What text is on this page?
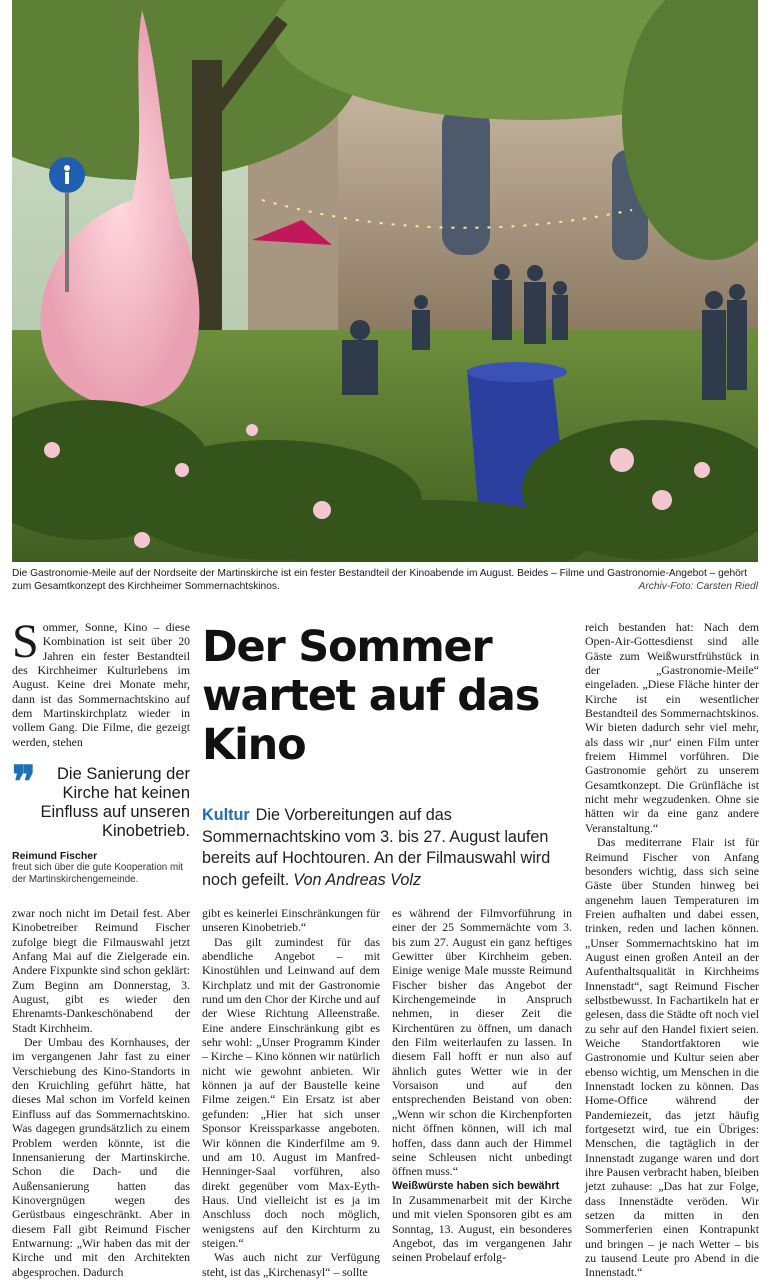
Die Gastronomie-Meile auf der Nordseite der Martinskirche ist ein fester Bestandteil der Kinoabende im August. Beides – Filme und Gastronomie-Angebot – gehört zum Gesamtkonzept des Kirchheimer Sommernachtskinos.	Archiv-Foto: Carsten Riedl

Sommer, Sonne, Kino – diese Kombination ist seit über 20 Jahren ein fester Bestandteil des Kirchheimer Kulturlebens im August. Keine drei Monate mehr, dann ist das Sommernachtskino auf dem Martinskirchplatz wieder in vollem Gang. Die Filme, die gezeigt werden, stehen

❞	Die Sanierung der Kirche hat keinen Einfluss auf unseren Kinobetrieb.
Reimund Fischer
freut sich über die gute Kooperation mit der Martinskirchengemeinde.
Der Sommer wartet auf das Kino
Kultur Die Vorbereitungen auf das Sommernachtskino vom 3. bis 27. August laufen bereits auf Hochtouren. An der Filmauswahl wird noch gefeilt. Von Andreas Volz

reich bestanden hat: Nach dem Open-Air-Gottesdienst sind alle Gäste zum Weißwurstfrühstück in der „Gastronomie-Meile“ eingeladen. „Diese Fläche hinter der Kirche ist ein wesentlicher Bestandteil des Sommernachtskinos. Wir bieten dadurch sehr viel mehr, als dass wir ‚nur‘ einen Film unter freiem Himmel vorführen. Die Gastronomie gehört zu unserem Gesamtkonzept. Die Grünfläche ist nicht mehr wegzudenken. Ohne sie hätten wir da eine ganz andere Veranstaltung.“

Das mediterrane Flair ist für Reimund Fischer von Anfang besonders wichtig, dass sich seine Gäste über Stunden hinweg bei angenehm lauen Temperaturen im Freien aufhalten und dabei essen, trinken, reden und lachen können. „Unser Sommernachtskino hat im August einen großen Anteil an der Aufenthaltsqualität in Kirchheims Innenstadt“, sagt Reimund Fischer selbstbewusst. In Fachartikeln hat er gelesen, dass die Städte oft noch viel zu sehr auf den Handel fixiert seien. Weiche Standortfaktoren wie Gastronomie und Kultur seien aber ebenso wichtig, um Menschen in die Innenstadt locken zu können. Das Home-Office während der Pandemiezeit, das jetzt häufig fortgesetzt wird, tue ein Übriges: Menschen, die tagtäglich in der Innenstadt zugange waren und dort ihre Pausen verbracht haben, bleiben jetzt zuhause: „Das hat zur Folge, dass Innenstädte veröden. Wir setzen da mitten in den Sommerferien einen Kontrapunkt und bringen – je nach Wetter – bis zu tausend Leute pro Abend in die Innenstadt.“

zwar noch nicht im Detail fest. Aber Kinobetreiber Reimund Fischer zufolge biegt die Filmauswahl jetzt Anfang Mai auf die Zielgerade ein. Andere Fixpunkte sind schon geklärt: Zum Beginn am Donnerstag, 3. August, gibt es wieder den Ehrenamts-Dankeschönabend der Stadt Kirchheim.

Der Umbau des Kornhauses, der im vergangenen Jahr fast zu einer Verschiebung des Kino-Standorts in den Kruichling geführt hätte, hat dieses Mal schon im Vorfeld keinen Einfluss auf das Sommernachtskino. Was dagegen grundsätzlich zu einem Problem werden könnte, ist die Innensanierung der Martinskirche. Schon die Dach- und die Außensanierung hatten das Kinovergnügen wegen des Gerüstbaus eingeschränkt. Aber in diesem Fall gibt Reimund Fischer Entwarnung: „Wir haben das mit der Kirche und mit den Architekten abgesprochen. Dadurch

gibt es keinerlei Einschränkungen für unseren Kinobetrieb.“

Das gilt zumindest für das abendliche Angebot – mit Kinostühlen und Leinwand auf dem Kirchplatz und mit der Gastronomie rund um den Chor der Kirche und auf der Wiese Richtung Alleenstraße. Eine andere Einschränkung gibt es sehr wohl: „Unser Programm Kinder – Kirche – Kino können wir natürlich nicht wie gewohnt anbieten. Wir können ja auf der Baustelle keine Filme zeigen.“ Ein Ersatz ist aber gefunden: „Hier hat sich unser Sponsor Kreissparkasse angeboten. Wir können die Kinderfilme am 9. und am 10. August im Manfred-Henninger-Saal vorführen, also direkt gegenüber vom Max-Eyth-Haus. Und vielleicht ist es ja im Anschluss doch noch möglich, wenigstens auf den Kirchturm zu steigen.“

Was auch nicht zur Verfügung steht, ist das „Kirchenasyl“ – sollte

es während der Filmvorführung in einer der 25 Sommernächte vom 3. bis zum 27. August ein ganz heftiges Gewitter über Kirchheim geben. Einige wenige Male musste Reimund Fischer bisher das Angebot der Kirchengemeinde in Anspruch nehmen, in dieser Zeit die Kirchentüren zu öffnen, um danach den Film weiterlaufen zu lassen. In diesem Fall hofft er nun also auf ähnlich gutes Wetter wie in der Vorsaison und auf den entsprechenden Beistand von oben: „Wenn wir schon die Kirchenpforten nicht öffnen können, will ich mal hoffen, dass dann auch der Himmel seine Schleusen nicht unbedingt öffnen muss.“

Weißwürste haben sich bewährt

In Zusammenarbeit mit der Kirche und mit vielen Sponsoren gibt es am Sonntag, 13. August, ein besonderes Angebot, das im vergangenen Jahr seinen Probelauf erfolg-
